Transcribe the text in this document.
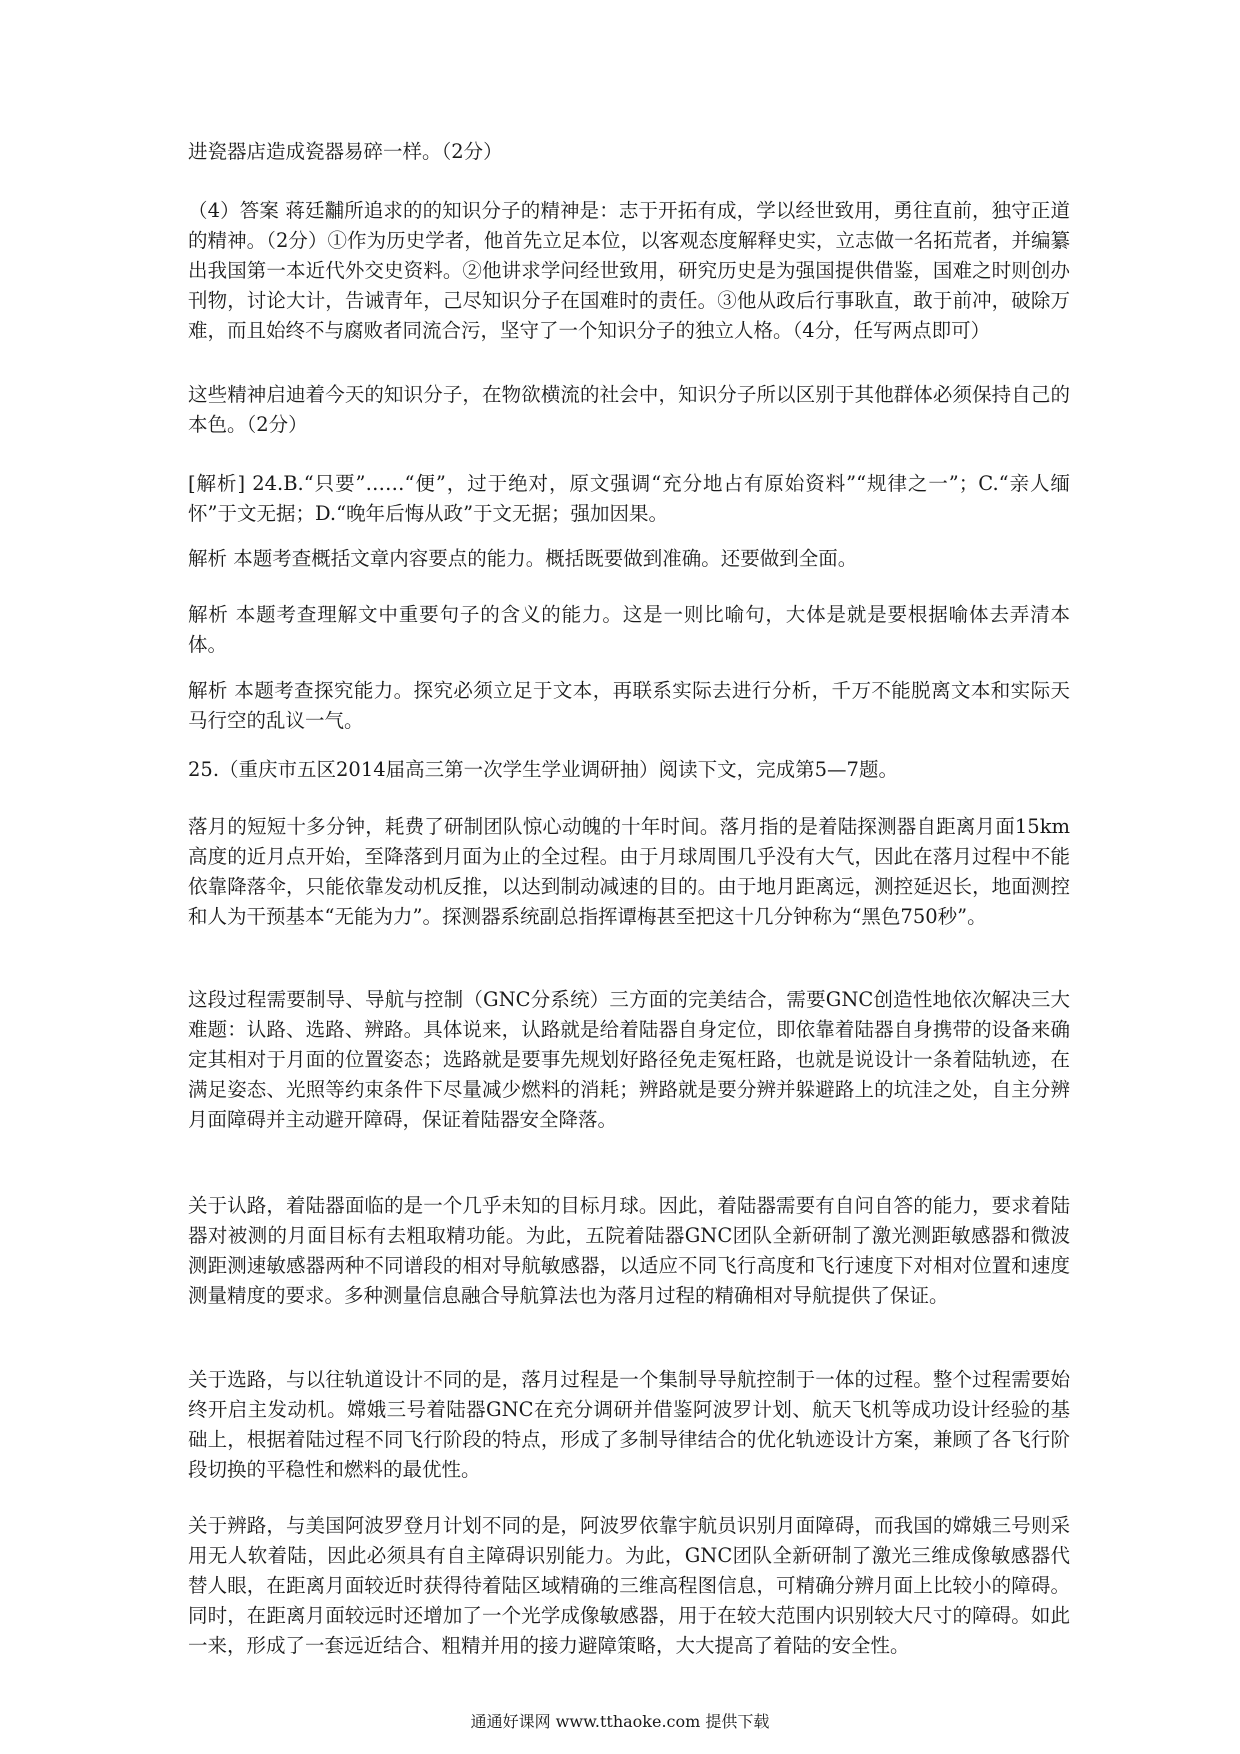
进瓷器店造成瓷器易碎一样。（2分）

（4）答案 蒋廷黼所追求的的知识分子的精神是：志于开拓有成，学以经世致用，勇往直前，独守正道的精神。（2分）①作为历史学者，他首先立足本位，以客观态度解释史实，立志做一名拓荒者，并编纂出我国第一本近代外交史资料。②他讲求学问经世致用，研究历史是为强国提供借鉴，国难之时则创办刊物，讨论大计，告诫青年，己尽知识分子在国难时的责任。③他从政后行事耿直，敢于前冲，破除万难，而且始终不与腐败者同流合污，坚守了一个知识分子的独立人格。（4分，任写两点即可）

这些精神启迪着今天的知识分子，在物欲横流的社会中，知识分子所以区别于其他群体必须保持自己的本色。（2分）

[解析] 24.B.“只要”……“便”，过于绝对，原文强调“充分地占有原始资料”“规律之一”；C.“亲人缅怀”于文无据；D.“晚年后悔从政”于文无据；强加因果。

解析 本题考查概括文章内容要点的能力。概括既要做到准确。还要做到全面。

解析 本题考查理解文中重要句子的含义的能力。这是一则比喻句，大体是就是要根据喻体去弄清本体。

解析 本题考查探究能力。探究必须立足于文本，再联系实际去进行分析，千万不能脱离文本和实际天马行空的乱议一气。

25.（重庆市五区2014届高三第一次学生学业调研抽）阅读下文，完成第5—7题。

落月的短短十多分钟，耗费了研制团队惊心动魄的十年时间。落月指的是着陆探测器自距离月面15km高度的近月点开始，至降落到月面为止的全过程。由于月球周围几乎没有大气，因此在落月过程中不能依靠降落伞，只能依靠发动机反推，以达到制动减速的目的。由于地月距离远，测控延迟长，地面测控和人为干预基本“无能为力”。探测器系统副总指挥谭梅甚至把这十几分钟称为“黑色750秒”。

这段过程需要制导、导航与控制（GNC分系统）三方面的完美结合，需要GNC创造性地依次解决三大难题：认路、选路、辨路。具体说来，认路就是给着陆器自身定位，即依靠着陆器自身携带的设备来确定其相对于月面的位置姿态；选路就是要事先规划好路径免走冤枉路，也就是说设计一条着陆轨迹，在满足姿态、光照等约束条件下尽量减少燃料的消耗；辨路就是要分辨并躲避路上的坑洼之处，自主分辨月面障碍并主动避开障碍，保证着陆器安全降落。

关于认路，着陆器面临的是一个几乎未知的目标月球。因此，着陆器需要有自问自答的能力，要求着陆器对被测的月面目标有去粗取精功能。为此，五院着陆器GNC团队全新研制了激光测距敏感器和微波测距测速敏感器两种不同谱段的相对导航敏感器，以适应不同飞行高度和飞行速度下对相对位置和速度测量精度的要求。多种测量信息融合导航算法也为落月过程的精确相对导航提供了保证。

关于选路，与以往轨道设计不同的是，落月过程是一个集制导导航控制于一体的过程。整个过程需要始终开启主发动机。嫦娥三号着陆器GNC在充分调研并借鉴阿波罗计划、航天飞机等成功设计经验的基础上，根据着陆过程不同飞行阶段的特点，形成了多制导律结合的优化轨迹设计方案，兼顾了各飞行阶段切换的平稳性和燃料的最优性。

关于辨路，与美国阿波罗登月计划不同的是，阿波罗依靠宇航员识别月面障碍，而我国的嫦娥三号则采用无人软着陆，因此必须具有自主障碍识别能力。为此，GNC团队全新研制了激光三维成像敏感器代替人眼，在距离月面较近时获得待着陆区域精确的三维高程图信息，可精确分辨月面上比较小的障碍。同时，在距离月面较远时还增加了一个光学成像敏感器，用于在较大范围内识别较大尺寸的障碍。如此一来，形成了一套远近结合、粗精并用的接力避障策略，大大提高了着陆的安全性。

通通好课网 www.tthaoke.com 提供下载
